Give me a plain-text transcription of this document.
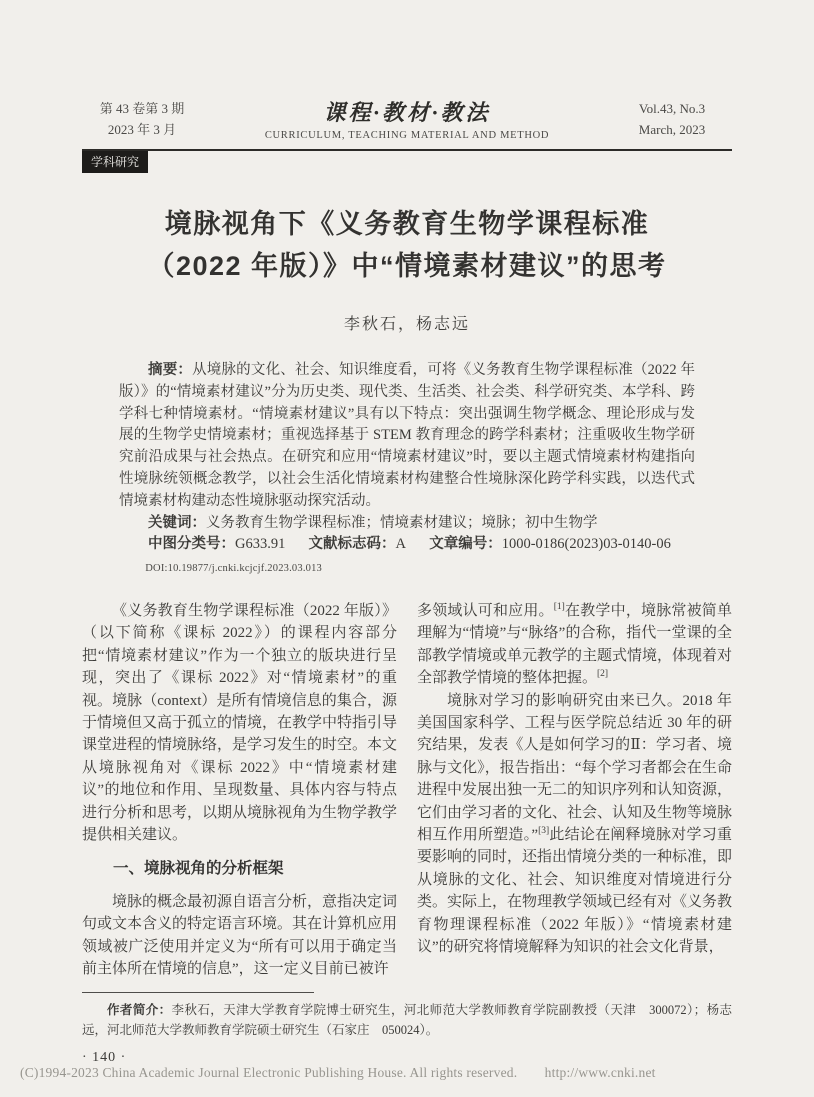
第 43 卷第 3 期
2023 年 3 月
课程·教材·教法
CURRICULUM, TEACHING MATERIAL AND METHOD
Vol.43, No.3
March, 2023
学科研究
境脉视角下《义务教育生物学课程标准
（2022 年版）》中“情境素材建议”的思考
李秋石，杨志远

摘要：从境脉的文化、社会、知识维度看，可将《义务教育生物学课程标准（2022 年版）》的“情境素材建议”分为历史类、现代类、生活类、社会类、科学研究类、本学科、跨学科七种情境素材。“情境素材建议”具有以下特点：突出强调生物学概念、理论形成与发展的生物学史情境素材；重视选择基于 STEM 教育理念的跨学科素材；注重吸收生物学研究前沿成果与社会热点。在研究和应用“情境素材建议”时，要以主题式情境素材构建指向性境脉统领概念教学，以社会生活化情境素材构建整合性境脉深化跨学科实践，以迭代式情境素材构建动态性境脉驱动探究活动。

关键词：义务教育生物学课程标准；情境素材建议；境脉；初中生物学

中图分类号：G633.91 文献标志码：A 文章编号：1000-0186(2023)03-0140-06

DOI:10.19877/j.cnki.kcjcjf.2023.03.013

《义务教育生物学课程标准（2022 年版）》（以下简称《课标 2022》）的课程内容部分把“情境素材建议”作为一个独立的版块进行呈现，突出了《课标 2022》对“情境素材”的重视。境脉（context）是所有情境信息的集合，源于情境但又高于孤立的情境，在教学中特指引导课堂进程的情境脉络，是学习发生的时空。本文从境脉视角对《课标 2022》中“情境素材建议”的地位和作用、呈现数量、具体内容与特点进行分析和思考，以期从境脉视角为生物学教学提供相关建议。

一、境脉视角的分析框架

境脉的概念最初源自语言分析，意指决定词句或文本含义的特定语言环境。其在计算机应用领域被广泛使用并定义为“所有可以用于确定当前主体所在情境的信息”，这一定义目前已被许

多领域认可和应用。[1]在教学中，境脉常被简单理解为“情境”与“脉络”的合称，指代一堂课的全部教学情境或单元教学的主题式情境，体现着对全部教学情境的整体把握。[2]

境脉对学习的影响研究由来已久。2018 年美国国家科学、工程与医学院总结近 30 年的研究结果，发表《人是如何学习的Ⅱ：学习者、境脉与文化》，报告指出：“每个学习者都会在生命进程中发展出独一无二的知识序列和认知资源，它们由学习者的文化、社会、认知及生物等境脉相互作用所塑造。”[3]此结论在阐释境脉对学习重要影响的同时，还指出情境分类的一种标准，即从境脉的文化、社会、知识维度对情境进行分类。实际上，在物理教学领域已经有对《义务教育物理课程标准（2022 年版）》“情境素材建议”的研究将情境解释为知识的社会文化背景，

作者简介：李秋石，天津大学教育学院博士研究生，河北师范大学教师教育学院副教授（天津　300072）；杨志远，河北师范大学教师教育学院硕士研究生（石家庄　050024）。

· 140 ·
(C)1994-2023 China Academic Journal Electronic Publishing House. All rights reserved.　　http://www.cnki.net
